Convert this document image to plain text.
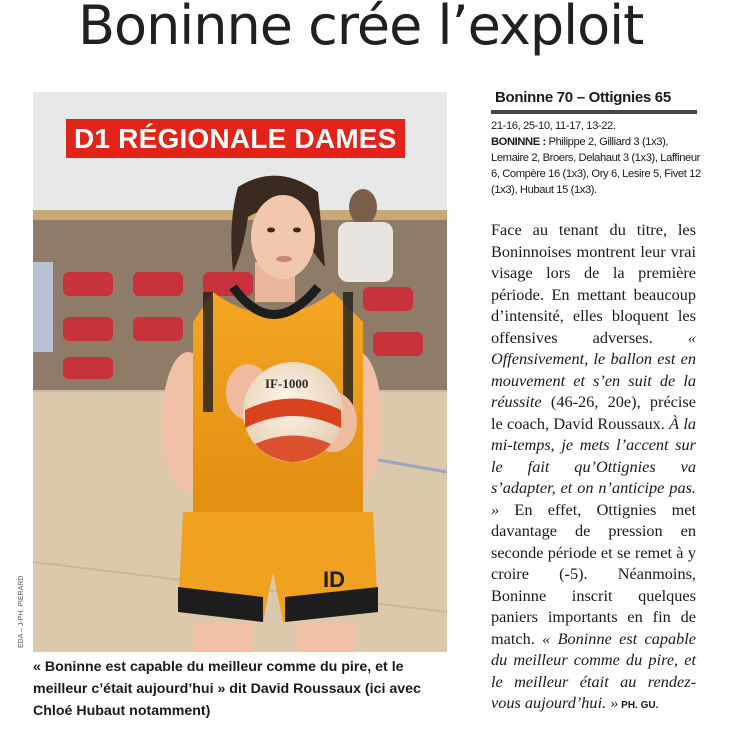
Boninne crée l’exploit
ID
IF-1000
D1 RÉGIONALE DAMES
EDA – J-PH. PIERARD
« Boninne est capable du meilleur comme du pire, et le meilleur c’était aujourd’hui » dit David Roussaux (ici avec Chloé Hubaut notamment)
Boninne 70 – Ottignies 65
21-16, 25-10, 11-17, 13-22.
BONINNE : Philippe 2, Gilliard 3 (1x3), Lemaire 2, Broers, Delahaut 3 (1x3), Laffineur 6, Compère 16 (1x3), Ory 6, Lesire 5, Fivet 12 (1x3), Hubaut 15 (1x3).
Face au tenant du titre, les Boninnoises montrent leur vrai visage lors de la première période. En mettant beaucoup d’intensité, elles bloquent les offensives adverses. « Offensivement, le ballon est en mouvement et s’en suit de la réussite (46-26, 20e), précise le coach, David Roussaux. À la mi-temps, je mets l’accent sur le fait qu’Ottignies va s’adapter, et on n’anticipe pas. » En effet, Ottignies met davantage de pression en seconde période et se remet à y croire (-5). Néanmoins, Boninne inscrit quelques paniers importants en fin de match. « Boninne est capable du meilleur comme du pire, et le meilleur était au rendez-vous aujourd’hui. » PH. GU.
